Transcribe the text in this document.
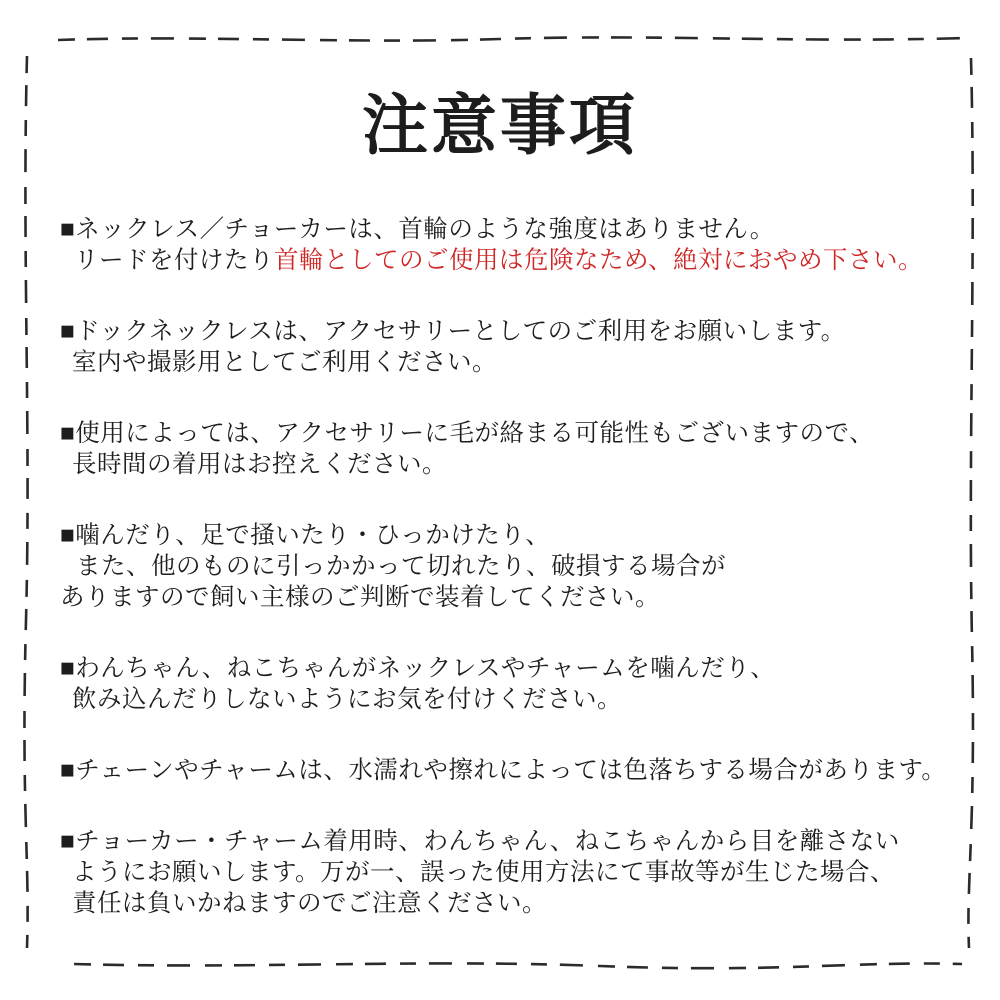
注意事項
■ネックレス／チョーカーは、首輪のような強度はありません。
リードを付けたり首輪としてのご使用は危険なため、絶対におやめ下さい。
■ドックネックレスは、アクセサリーとしてのご利用をお願いします。
室内や撮影用としてご利用ください。
■使用によっては、アクセサリーに毛が絡まる可能性もございますので、
長時間の着用はお控えください。
■噛んだり、足で掻いたり・ひっかけたり、
また、他のものに引っかかって切れたり、破損する場合が
ありますので飼い主様のご判断で装着してください。
■わんちゃん、ねこちゃんがネックレスやチャームを噛んだり、
飲み込んだりしないようにお気を付けください。
■チェーンやチャームは、水濡れや擦れによっては色落ちする場合があります。
■チョーカー・チャーム着用時、わんちゃん、ねこちゃんから目を離さない
ようにお願いします。万が一、誤った使用方法にて事故等が生じた場合、
責任は負いかねますのでご注意ください。
